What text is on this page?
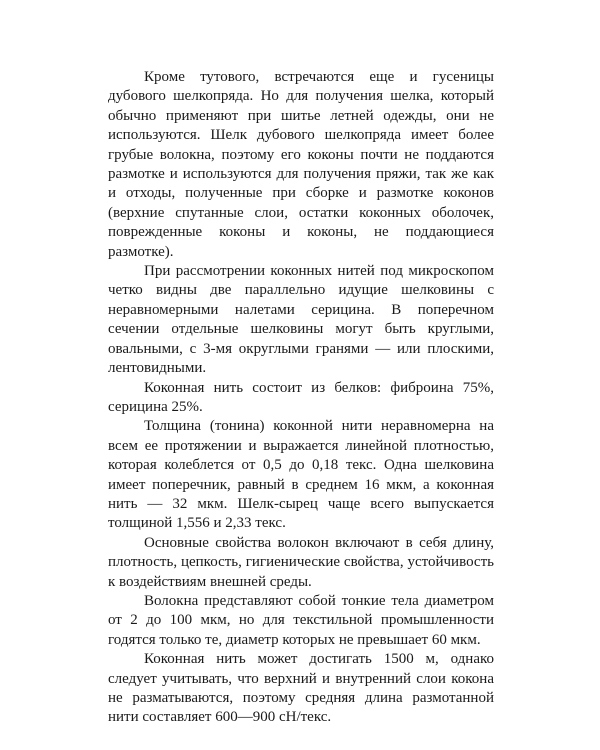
Кроме тутового, встречаются еще и гусеницы дубового шелкопряда. Но для получения шелка, который обычно применяют при шитье летней одежды, они не используются. Шелк дубового шелкопряда имеет более грубые волокна, поэтому его коконы почти не поддаются размотке и используются для получения пряжи, так же как и отходы, полученные при сборке и размотке коконов (верхние спутанные слои, остатки коконных оболочек, поврежденные коконы и коконы, не поддающиеся размотке).

При рассмотрении коконных нитей под микроскопом четко видны две параллельно идущие шелковины с неравномерными налетами серицина. В поперечном сечении отдельные шелковины могут быть круглыми, овальными, с 3-мя округлыми гранями — или плоскими, лентовидными.

Коконная нить состоит из белков: фиброина 75%, серицина 25%.

Толщина (тонина) коконной нити неравномерна на всем ее протяжении и выражается линейной плотностью, которая колеблется от 0,5 до 0,18 текс. Одна шелковина имеет поперечник, равный в среднем 16 мкм, а коконная нить — 32 мкм. Шелк-сырец чаще всего выпускается толщиной 1,556 и 2,33 текс.

Основные свойства волокон включают в себя длину, плотность, цепкость, гигиенические свойства, устойчивость к воздействиям внешней среды.

Волокна представляют собой тонкие тела диаметром от 2 до 100 мкм, но для текстильной промышленности годятся только те, диаметр которых не превышает 60 мкм.

Коконная нить может достигать 1500 м, однако следует учитывать, что верхний и внутренний слои кокона не разматываются, поэтому средняя длина размотанной нити составляет 600—900 сН/текс.
